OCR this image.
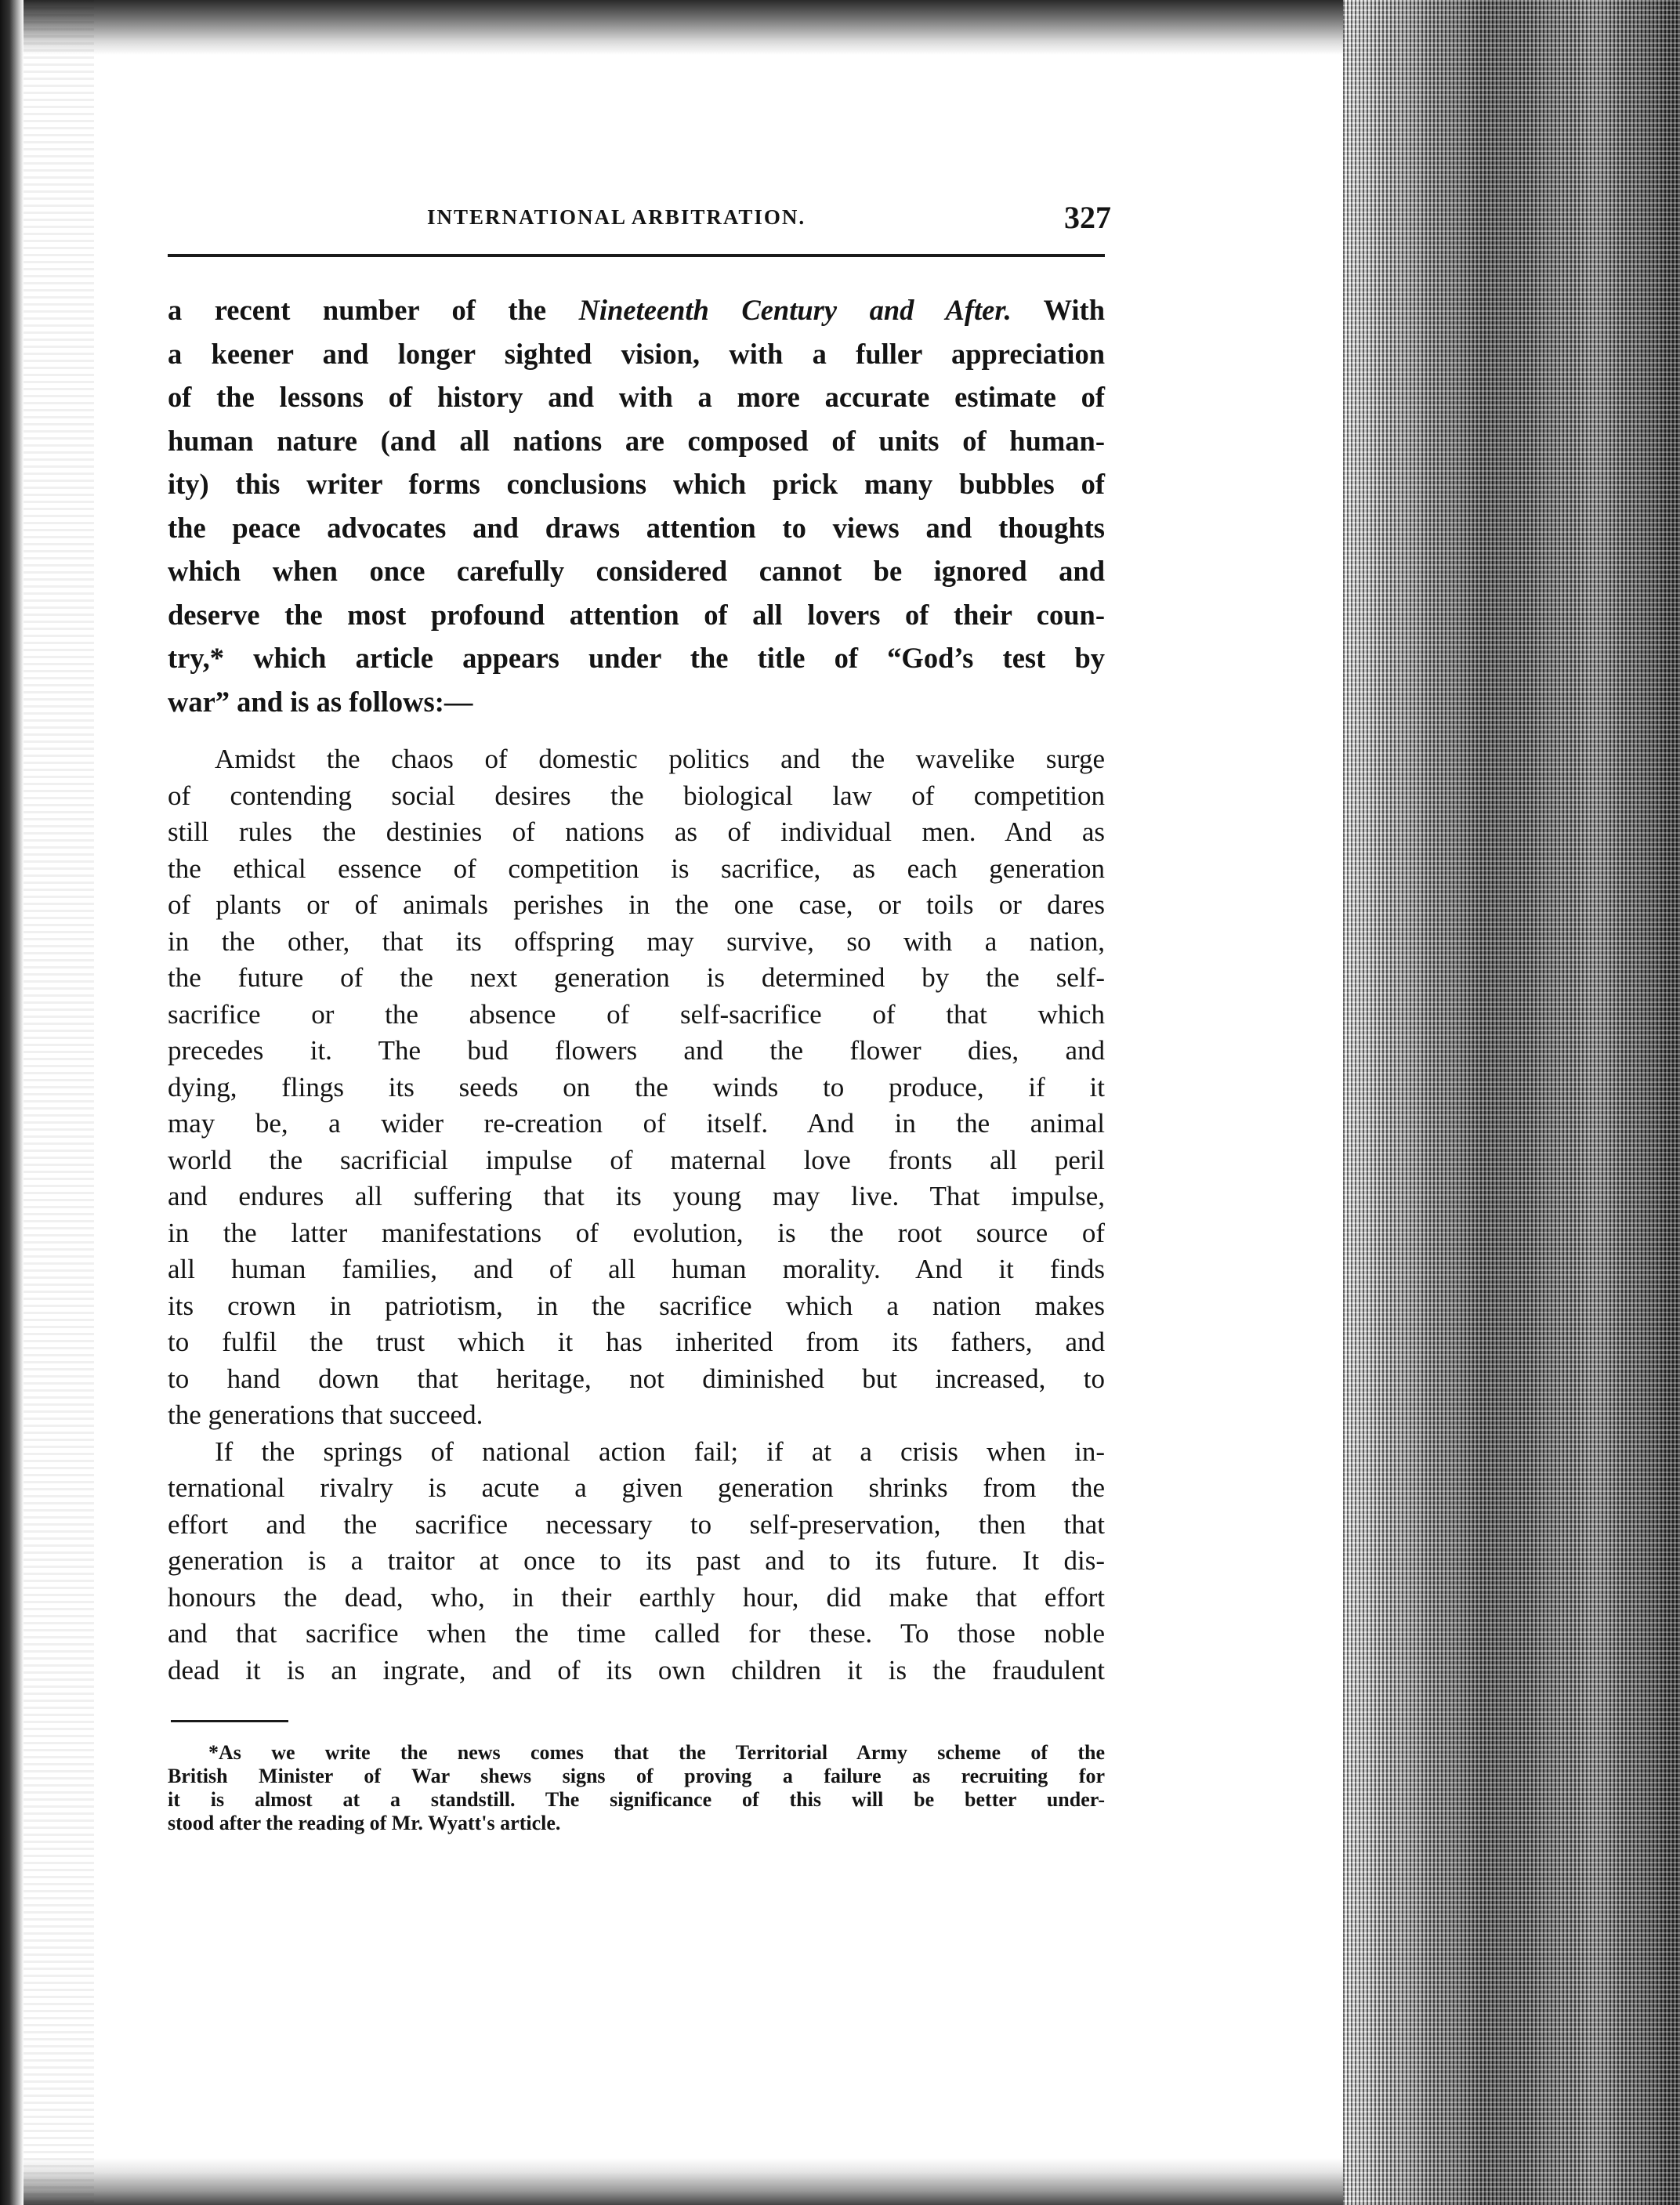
INTERNATIONAL ARBITRATION.	327
a recent number of the Nineteenth Century and After. With
a keener and longer sighted vision, with a fuller appreciation
of the lessons of history and with a more accurate estimate of
human nature (and all nations are composed of units of human-
ity) this writer forms conclusions which prick many bubbles of
the peace advocates and draws attention to views and thoughts
which when once carefully considered cannot be ignored and
deserve the most profound attention of all lovers of their coun-
try,* which article appears under the title of “God’s test by
war” and is as follows:—
Amidst the chaos of domestic politics and the wavelike surge
of contending social desires the biological law of competition
still rules the destinies of nations as of individual men. And as
the ethical essence of competition is sacrifice, as each generation
of plants or of animals perishes in the one case, or toils or dares
in the other, that its offspring may survive, so with a nation,
the future of the next generation is determined by the self-
sacrifice or the absence of self-sacrifice of that which
precedes it. The bud flowers and the flower dies, and
dying, flings its seeds on the winds to produce, if it
may be, a wider re-creation of itself. And in the animal
world the sacrificial impulse of maternal love fronts all peril
and endures all suffering that its young may live. That impulse,
in the latter manifestations of evolution, is the root source of
all human families, and of all human morality. And it finds
its crown in patriotism, in the sacrifice which a nation makes
to fulfil the trust which it has inherited from its fathers, and
to hand down that heritage, not diminished but increased, to
the generations that succeed.
If the springs of national action fail; if at a crisis when in-
ternational rivalry is acute a given generation shrinks from the
effort and the sacrifice necessary to self-preservation, then that
generation is a traitor at once to its past and to its future. It dis-
honours the dead, who, in their earthly hour, did make that effort
and that sacrifice when the time called for these. To those noble
dead it is an ingrate, and of its own children it is the fraudulent
*As we write the news comes that the Territorial Army scheme of the
British Minister of War shews signs of proving a failure as recruiting for
it is almost at a standstill. The significance of this will be better under-
stood after the reading of Mr. Wyatt's article.
